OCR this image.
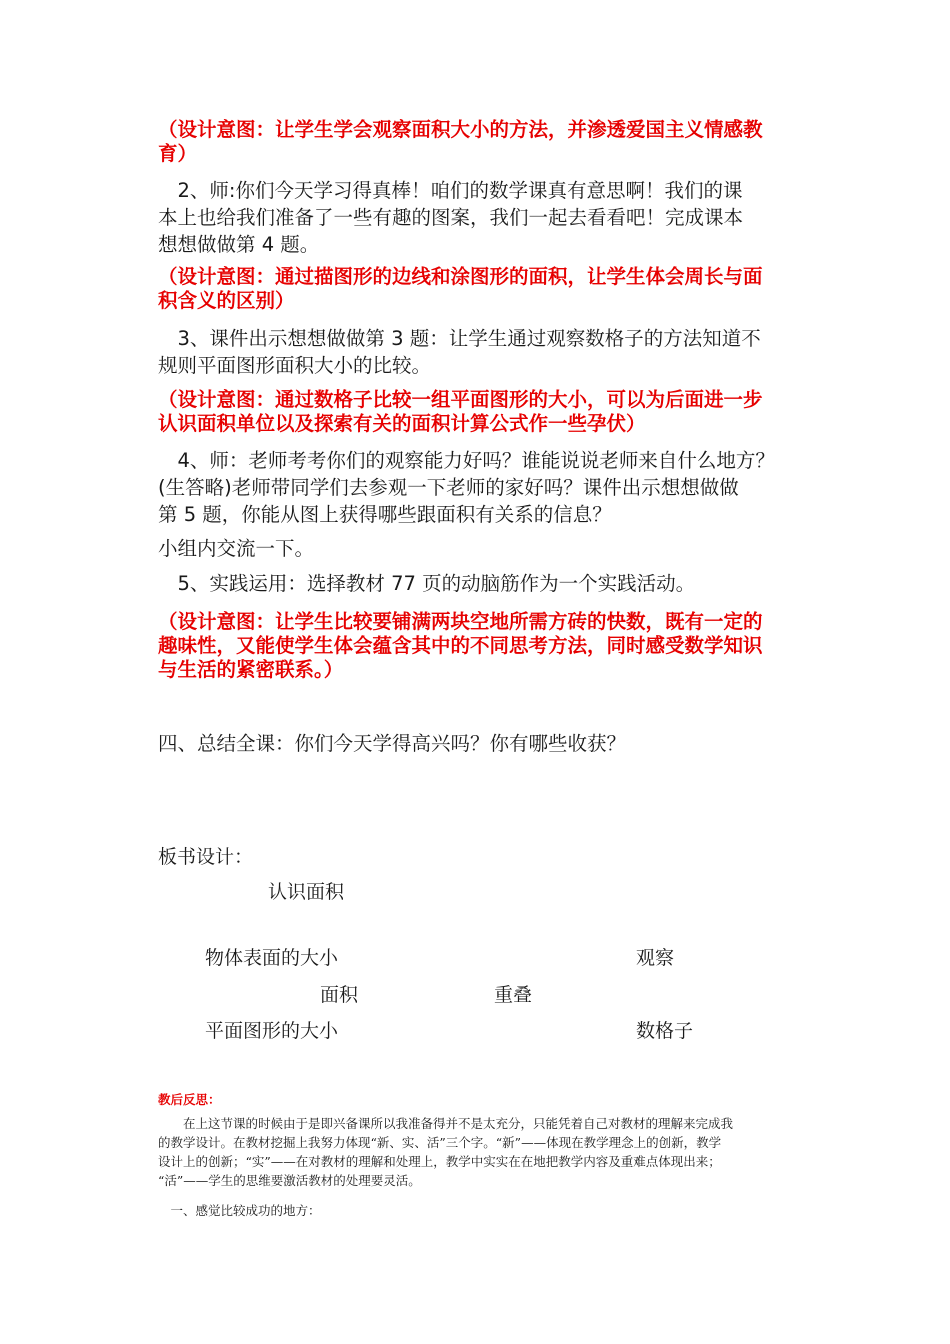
（设计意图：让学生学会观察面积大小的方法，并渗透爱国主义情感教
育）
　2、师:你们今天学习得真棒！咱们的数学课真有意思啊！我们的课
本上也给我们准备了一些有趣的图案，我们一起去看看吧！完成课本
想想做做第 4 题。
（设计意图：通过描图形的边线和涂图形的面积，让学生体会周长与面
积含义的区别）
　3、课件出示想想做做第 3 题：让学生通过观察数格子的方法知道不
规则平面图形面积大小的比较。
（设计意图：通过数格子比较一组平面图形的大小，可以为后面进一步
认识面积单位以及探索有关的面积计算公式作一些孕伏）
　4、师：老师考考你们的观察能力好吗？谁能说说老师来自什么地方？
(生答略)老师带同学们去参观一下老师的家好吗？课件出示想想做做
第 5 题，你能从图上获得哪些跟面积有关系的信息？
小组内交流一下。
　5、实践运用：选择教材 77 页的动脑筋作为一个实践活动。
（设计意图：让学生比较要铺满两块空地所需方砖的快数，既有一定的
趣味性，又能使学生体会蕴含其中的不同思考方法，同时感受数学知识
与生活的紧密联系。）
四、总结全课：你们今天学得高兴吗？你有哪些收获？
板书设计：
认识面积
物体表面的大小	观察
面积	重叠
平面图形的大小	数格子
教后反思：
　　在上这节课的时候由于是即兴备课所以我准备得并不是太充分，只能凭着自己对教材的理解来完成我
的教学设计。在教材挖掘上我努力体现“新、实、活”三个字。“新”——体现在教学理念上的创新，教学
设计上的创新；“实”——在对教材的理解和处理上，教学中实实在在地把教学内容及重难点体现出来；
“活”——学生的思维要激活教材的处理要灵活。
　一、感觉比较成功的地方：
